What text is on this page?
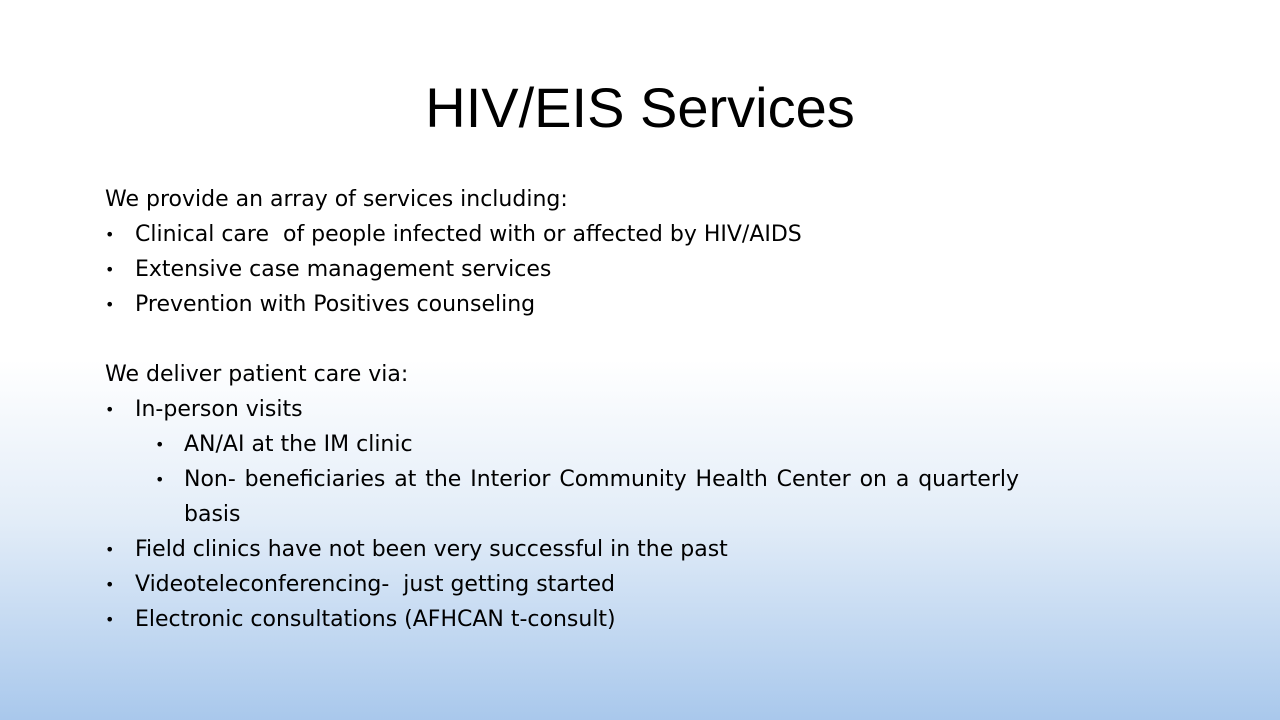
HIV/EIS Services

We provide an array of services including:

• Clinical care  of people infected with or affected by HIV/AIDS
• Extensive case management services
• Prevention with Positives counseling

We deliver patient care via:

• In-person visits
• AN/AI at the IM clinic
• Non- beneficiaries at the Interior Community Health Center on a quarterly basis
• Field clinics have not been very successful in the past
• Videoteleconferencing-  just getting started
• Electronic consultations (AFHCAN t-consult)
